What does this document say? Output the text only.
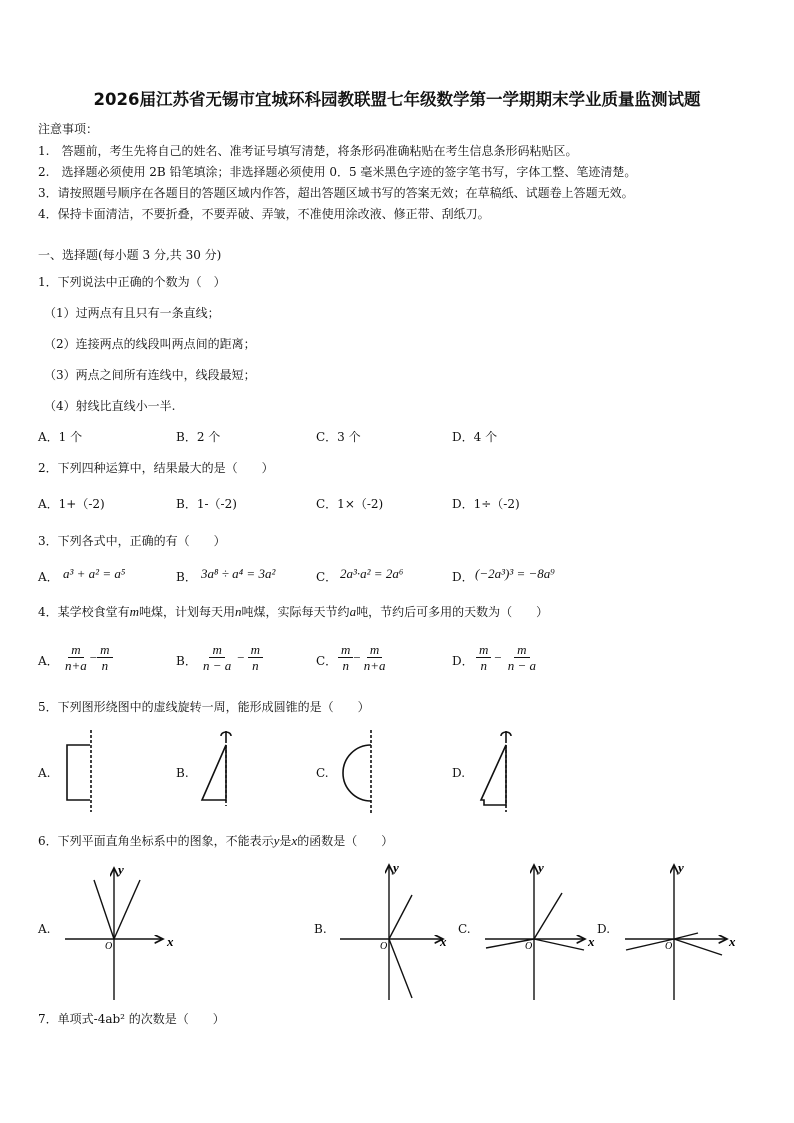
2026届江苏省无锡市宜城环科园教联盟七年级数学第一学期期末学业质量监测试题
注意事项：
1.　答题前，考生先将自己的姓名、准考证号填写清楚，将条形码准确粘贴在考生信息条形码粘贴区。
2.　选择题必须使用 2B 铅笔填涂；非选择题必须使用 0．5 毫米黑色字迹的签字笔书写，字体工整、笔迹清楚。
3．请按照题号顺序在各题目的答题区域内作答，超出答题区域书写的答案无效；在草稿纸、试题卷上答题无效。
4．保持卡面清洁，不要折叠，不要弄破、弄皱，不准使用涂改液、修正带、刮纸刀。
一、选择题(每小题 3 分,共 30 分)
1．下列说法中正确的个数为（　）
（1）过两点有且只有一条直线；
（2）连接两点的线段叫两点间的距离；
（3）两点之间所有连线中，线段最短；
（4）射线比直线小一半.
A．1 个	B．2 个	C．3 个	D．4 个
2．下列四种运算中，结果最大的是（　　）
A．1+（-2)	B．1-（-2)	C．1×（-2)	D．1÷（-2)
3．下列各式中，正确的有（　　）
A． a³ + a² = a⁵	B． 3a⁸ ÷ a⁴ = 3a²	C． 2a³·a² = 2a⁶	D． (−2a³)³ = −8a⁹
4．某学校食堂有m吨煤，计划每天用n吨煤，实际每天节约a吨，节约后可多用的天数为（　　）
A． $\frac{m}{n+a} - \frac{m}{n}$	B． $\frac{m}{n - a} - \frac{m}{n}$	C． $\frac{m}{n} - \frac{m}{n+a}$	D． $\frac{m}{n} - \frac{m}{n - a}$
5．下列图形绕图中的虚线旋转一周，能形成圆锥的是（　　）
A.	B.	C.	D.
6．下列平面直角坐标系中的图象，不能表示y是x的函数是（　　）
A.	B.	C.	D.
x
y
O	x
y
O	x
y
O	x
y
O
7．单项式-4ab² 的次数是（　　）
